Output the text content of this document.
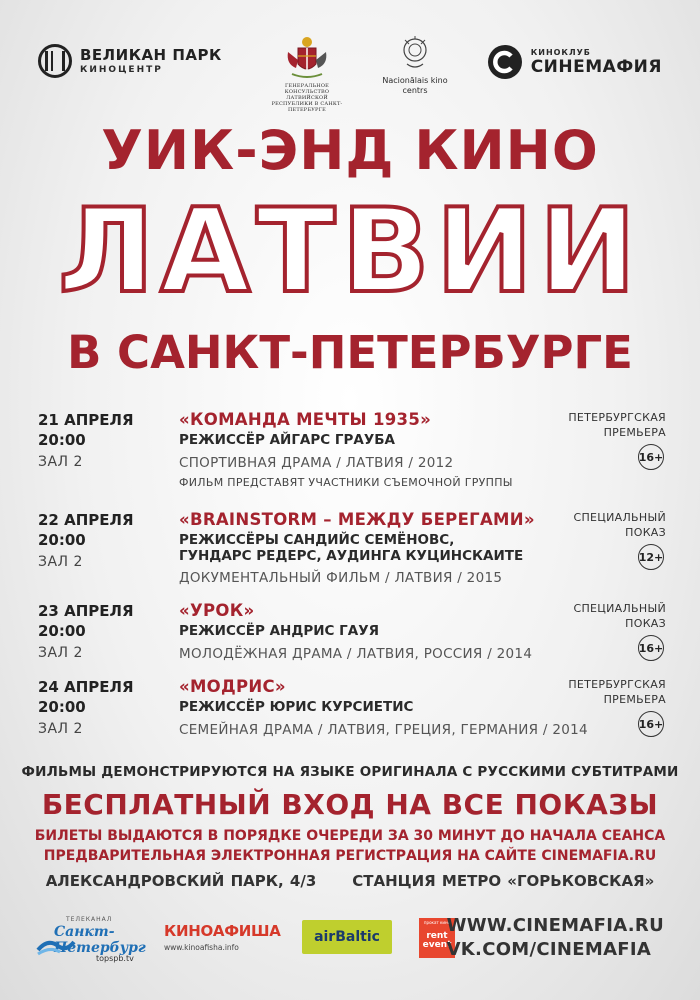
ВЕЛИКАН ПАРК
КИНОЦЕНТР
ГЕНЕРАЛЬНОЕ КОНСУЛЬСТВО ЛАТВИЙСКОЙ РЕСПУБЛИКИ В САНКТ-ПЕТЕРБУРГЕ
Nacionālais kino
centrs
КИНОКЛУБ
СИНЕМАФИЯ
УИК-ЭНД КИНО
ЛАТВИИ
В САНКТ-ПЕТЕРБУРГЕ
21 АПРЕЛЯ
20:00
ЗАЛ 2
«КОМАНДА МЕЧТЫ 1935»
РЕЖИССЁР АЙГАРС ГРАУБА
СПОРТИВНАЯ ДРАМА / ЛАТВИЯ / 2012
ФИЛЬМ ПРЕДСТАВЯТ УЧАСТНИКИ СЪЕМОЧНОЙ ГРУППЫ
ПЕТЕРБУРГСКАЯ
ПРЕМЬЕРА
16+
22 АПРЕЛЯ
20:00
ЗАЛ 2
«BRAINSTORM – МЕЖДУ БЕРЕГАМИ»
РЕЖИССЁРЫ САНДИЙС СЕМЁНОВС,
ГУНДАРС РЕДЕРС, АУДИНГА КУЦИНСКАИТЕ
ДОКУМЕНТАЛЬНЫЙ ФИЛЬМ / ЛАТВИЯ / 2015
СПЕЦИАЛЬНЫЙ
ПОКАЗ
12+
23 АПРЕЛЯ
20:00
ЗАЛ 2
«УРОК»
РЕЖИССЁР АНДРИС ГАУЯ
МОЛОДЁЖНАЯ ДРАМА / ЛАТВИЯ, РОССИЯ / 2014
СПЕЦИАЛЬНЫЙ
ПОКАЗ
16+
24 АПРЕЛЯ
20:00
ЗАЛ 2
«МОДРИС»
РЕЖИССЁР ЮРИС КУРСИЕТИС
СЕМЕЙНАЯ ДРАМА / ЛАТВИЯ, ГРЕЦИЯ, ГЕРМАНИЯ / 2014
ПЕТЕРБУРГСКАЯ
ПРЕМЬЕРА
16+
ФИЛЬМЫ ДЕМОНСТРИРУЮТСЯ НА ЯЗЫКЕ ОРИГИНАЛА С РУССКИМИ СУБТИТРАМИ
БЕСПЛАТНЫЙ ВХОД НА ВСЕ ПОКАЗЫ
БИЛЕТЫ ВЫДАЮТСЯ В ПОРЯДКЕ ОЧЕРЕДИ ЗА 30 МИНУТ ДО НАЧАЛА СЕАНСА
ПРЕДВАРИТЕЛЬНАЯ ЭЛЕКТРОННАЯ РЕГИСТРАЦИЯ НА САЙТЕ CINEMAFIA.RU
АЛЕКСАНДРОВСКИЙ ПАРК, 4/3 СТАНЦИЯ МЕТРО «ГОРЬКОВСКАЯ»
ТЕЛЕКАНАЛ
Санкт-Петербург
topspb.tv
КИНОАФИША
www.kinoafisha.info
airBaltic
прокат кино
rent event
WWW.CINEMAFIA.RU
VK.COM/CINEMAFIA
